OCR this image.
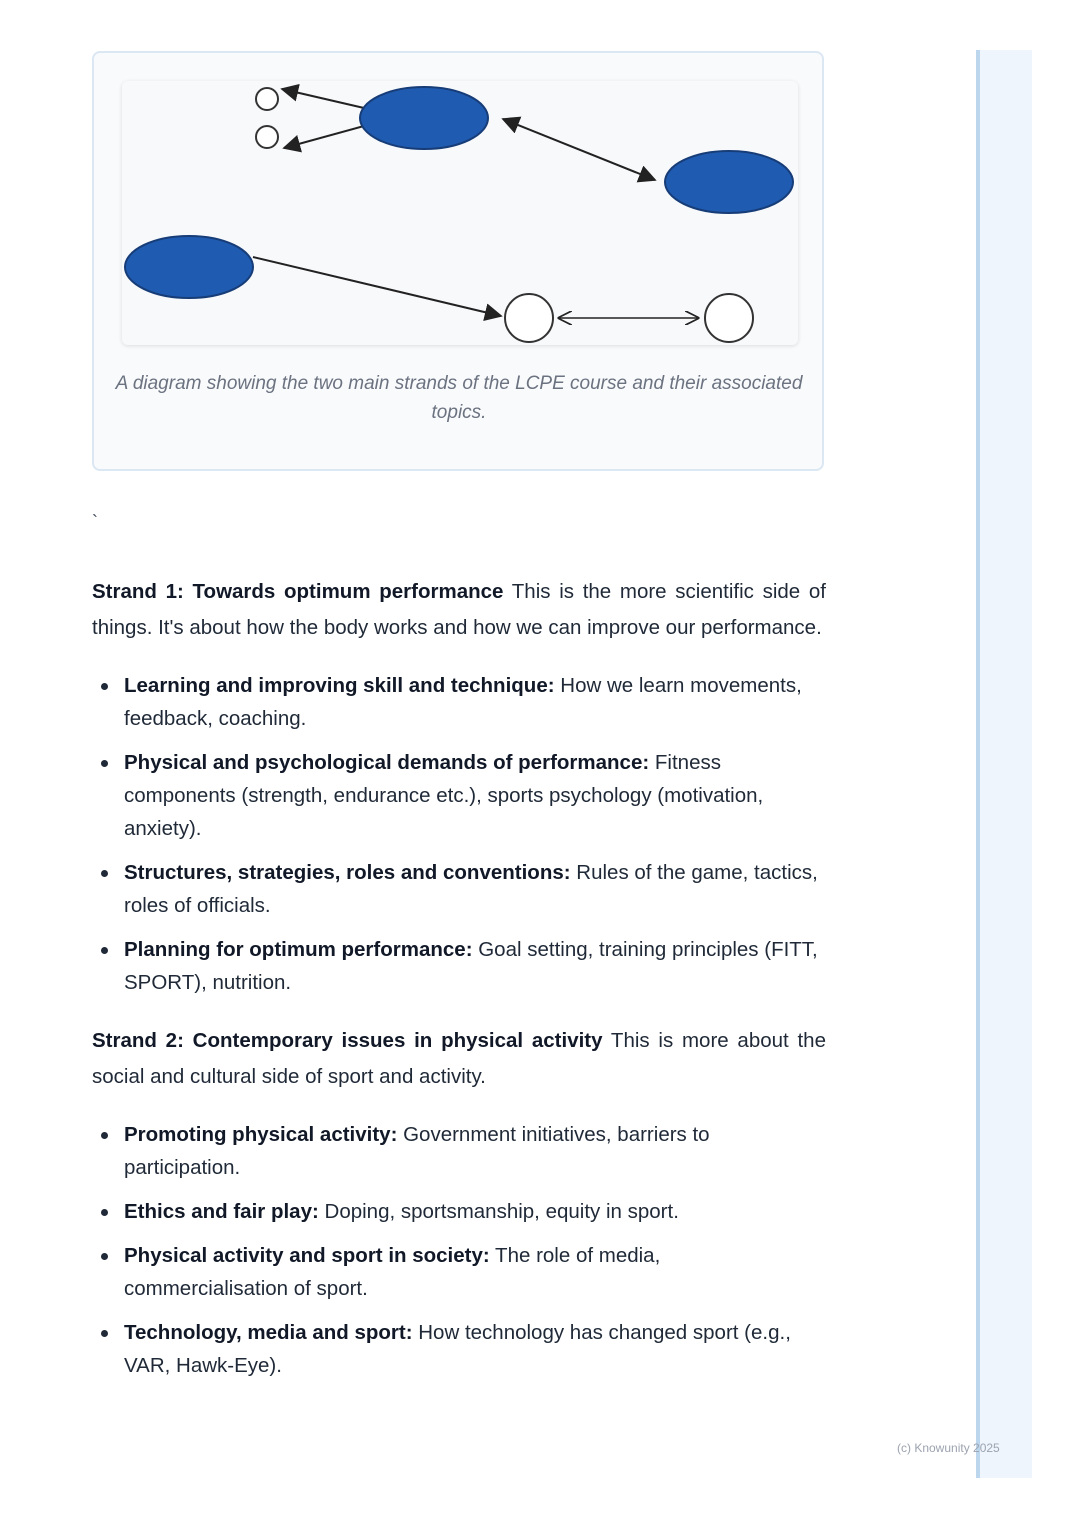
A diagram showing the two main strands of the LCPE course and their associated topics.

`

Strand 1: Towards optimum performance This is the more scientific side of things. It's about how the body works and how we can improve our performance.

Learning and improving skill and technique: How we learn movements, feedback, coaching.
Physical and psychological demands of performance: Fitness components (strength, endurance etc.), sports psychology (motivation, anxiety).
Structures, strategies, roles and conventions: Rules of the game, tactics, roles of officials.
Planning for optimum performance: Goal setting, training principles (FITT, SPORT), nutrition.

Strand 2: Contemporary issues in physical activity This is more about the social and cultural side of sport and activity.

Promoting physical activity: Government initiatives, barriers to participation.
Ethics and fair play: Doping, sportsmanship, equity in sport.
Physical activity and sport in society: The role of media, commercialisation of sport.
Technology, media and sport: How technology has changed sport (e.g., VAR, Hawk-Eye).
(c) Knowunity 2025
